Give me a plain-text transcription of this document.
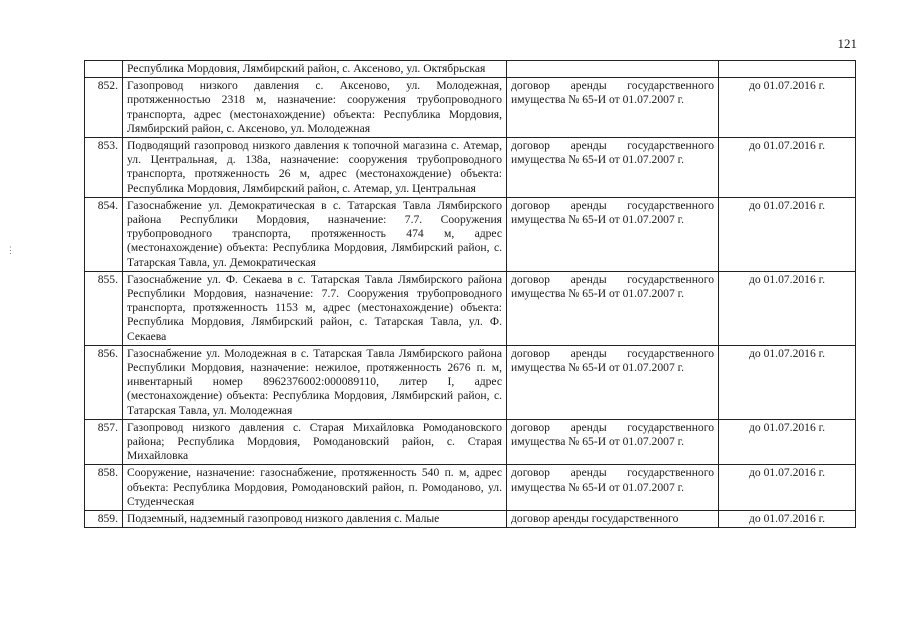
121
⋮
	Республика Мордовия, Лямбирский район, с. Аксеново, ул. Октябрьская		
852.	Газопровод низкого давления с. Аксеново, ул. Молодежная, протяженностью 2318 м, назначение: сооружения трубопроводного транспорта, адрес (местонахождение) объекта: Республика Мордовия, Лямбирский район, с. Аксеново, ул. Молодежная	договор аренды государственного имущества № 65-И от 01.07.2007 г.	до 01.07.2016 г.
853.	Подводящий газопровод низкого давления к топочной магазина с. Атемар, ул. Центральная, д. 138а, назначение: сооружения трубопроводного транспорта, протяженность 26 м, адрес (местонахождение) объекта: Республика Мордовия, Лямбирский район, с. Атемар, ул. Центральная	договор аренды государственного имущества № 65-И от 01.07.2007 г.	до 01.07.2016 г.
854.	Газоснабжение ул. Демократическая в с. Татарская Тавла Лямбирского района Республики Мордовия, назначение: 7.7. Сооружения трубопроводного транспорта, протяженность 474 м, адрес (местонахождение) объекта: Республика Мордовия, Лямбирский район, с. Татарская Тавла, ул. Демократическая	договор аренды государственного имущества № 65-И от 01.07.2007 г.	до 01.07.2016 г.
855.	Газоснабжение ул. Ф. Секаева в с. Татарская Тавла Лямбирского района Республики Мордовия, назначение: 7.7. Сооружения трубопроводного транспорта, протяженность 1153 м, адрес (местонахождение) объекта: Республика Мордовия, Лямбирский район, с. Татарская Тавла, ул. Ф. Секаева	договор аренды государственного имущества № 65-И от 01.07.2007 г.	до 01.07.2016 г.
856.	Газоснабжение ул. Молодежная в с. Татарская Тавла Лямбирского района Республики Мордовия, назначение: нежилое, протяженность 2676 п. м, инвентарный номер 8962376002:000089110, литер I, адрес (местонахождение) объекта: Республика Мордовия, Лямбирский район, с. Татарская Тавла, ул. Молодежная	договор аренды государственного имущества № 65-И от 01.07.2007 г.	до 01.07.2016 г.
857.	Газопровод низкого давления с. Старая Михайловка Ромодановского района; Республика Мордовия, Ромодановский район, с. Старая Михайловка	договор аренды государственного имущества № 65-И от 01.07.2007 г.	до 01.07.2016 г.
858.	Сооружение, назначение: газоснабжение, протяженность 540 п. м, адрес объекта: Республика Мордовия, Ромодановский район, п. Ромоданово, ул. Студенческая	договор аренды государственного имущества № 65-И от 01.07.2007 г.	до 01.07.2016 г.
859.	Подземный, надземный газопровод низкого давления с. Малые	договор аренды государственного	до 01.07.2016 г.
